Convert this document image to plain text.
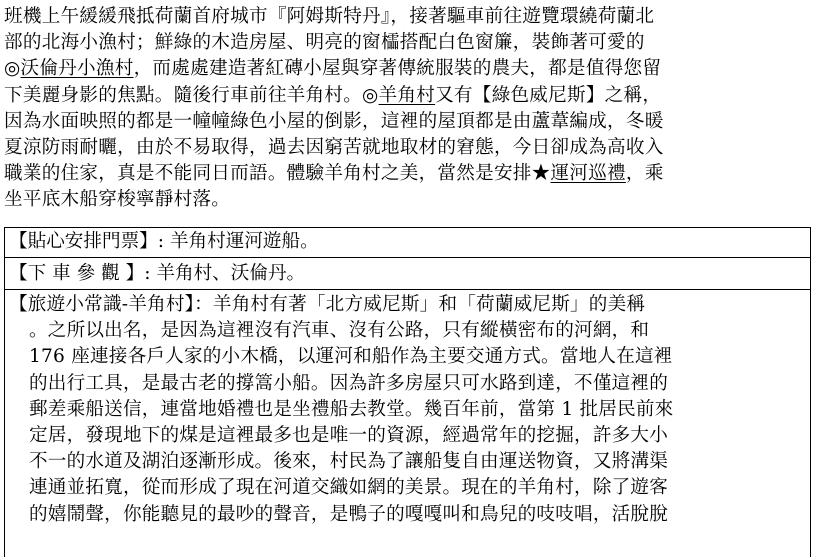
班機上午緩緩飛抵荷蘭首府城市『阿姆斯特丹』，接著驅車前往遊覽環繞荷蘭北
部的北海小漁村；鮮綠的木造房屋、明亮的窗櫺搭配白色窗簾，裝飾著可愛的
◎沃倫丹小漁村，而處處建造著紅磚小屋與穿著傳統服裝的農夫，都是值得您留
下美麗身影的焦點。隨後行車前往羊角村。◎羊角村又有【綠色威尼斯】之稱，
因為水面映照的都是一幢幢綠色小屋的倒影，這裡的屋頂都是由蘆葦編成，冬暖
夏涼防雨耐曬，由於不易取得，過去因窮苦就地取材的窘態，今日卻成為高收入
職業的住家，真是不能同日而語。體驗羊角村之美，當然是安排★運河巡禮，乘
坐平底木船穿梭寧靜村落。
【貼心安排門票】: 羊角村運河遊船。
【下 車 參 觀 】: 羊角村、沃倫丹。
【旅遊小常識-羊角村】：羊角村有著「北方威尼斯」和「荷蘭威尼斯」的美稱
。之所以出名，是因為這裡沒有汽車、沒有公路，只有縱橫密布的河網，和
176 座連接各戶人家的小木橋，以運河和船作為主要交通方式。當地人在這裡
的出行工具，是最古老的撐篙小船。因為許多房屋只可水路到達，不僅這裡的
郵差乘船送信，連當地婚禮也是坐禮船去教堂。幾百年前，當第 1 批居民前來
定居，發現地下的煤是這裡最多也是唯一的資源，經過常年的挖掘，許多大小
不一的水道及湖泊逐漸形成。後來，村民為了讓船隻自由運送物資，又將溝渠
連通並拓寬，從而形成了現在河道交織如網的美景。現在的羊角村，除了遊客
的嬉鬧聲，你能聽見的最吵的聲音，是鴨子的嘎嘎叫和鳥兒的吱吱唱，活脫脫
